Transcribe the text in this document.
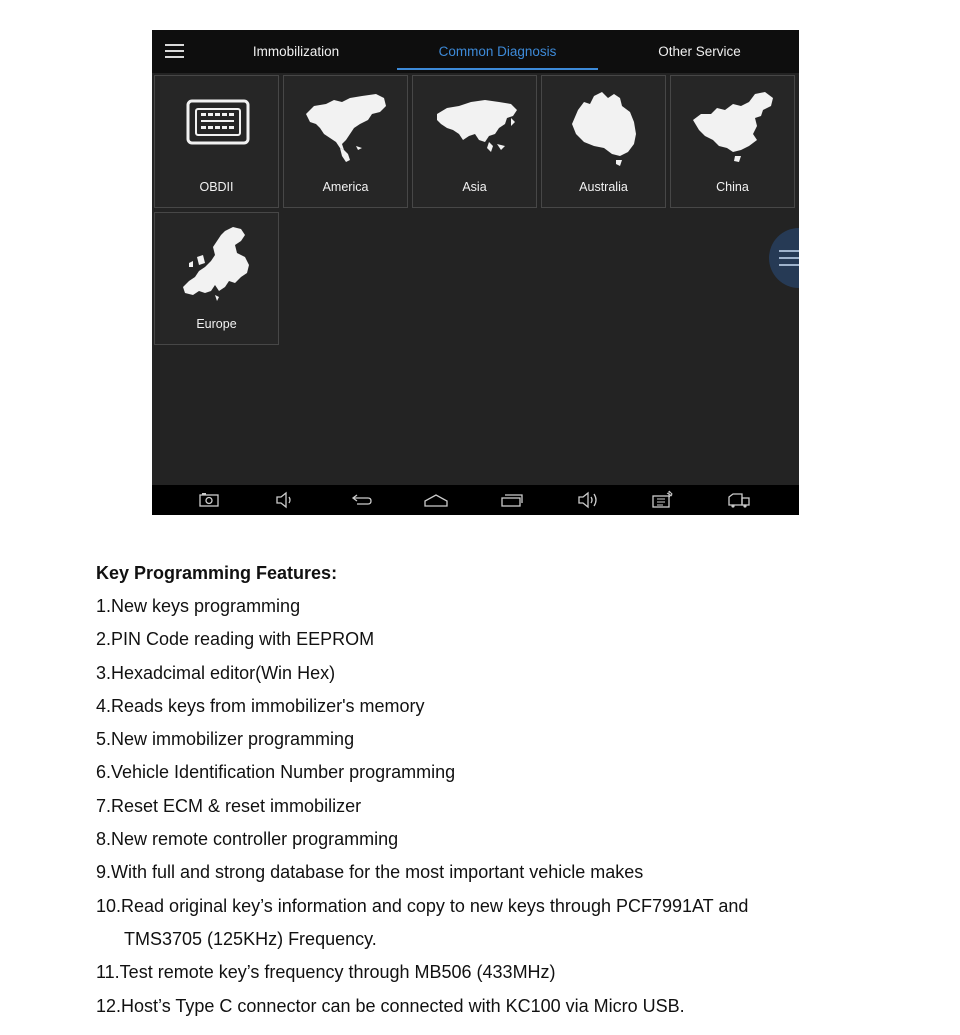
Immobilization	Common Diagnosis	Other Service
OBDII	America	Asia	Australia	China
Europe
Key Programming Features:
1.New keys programming
2.PIN Code reading with EEPROM
3.Hexadcimal editor(Win Hex)
4.Reads keys from immobilizer's memory
5.New immobilizer programming
6.Vehicle Identification Number programming
7.Reset ECM & reset immobilizer
8.New remote controller programming
9.With full and strong database for the most important vehicle makes
10.Read original key’s information and copy to new keys through PCF7991AT and
TMS3705 (125KHz) Frequency.
11.Test remote key’s frequency through MB506 (433MHz)
12.Host’s Type C connector can be connected with KC100 via Micro USB.
